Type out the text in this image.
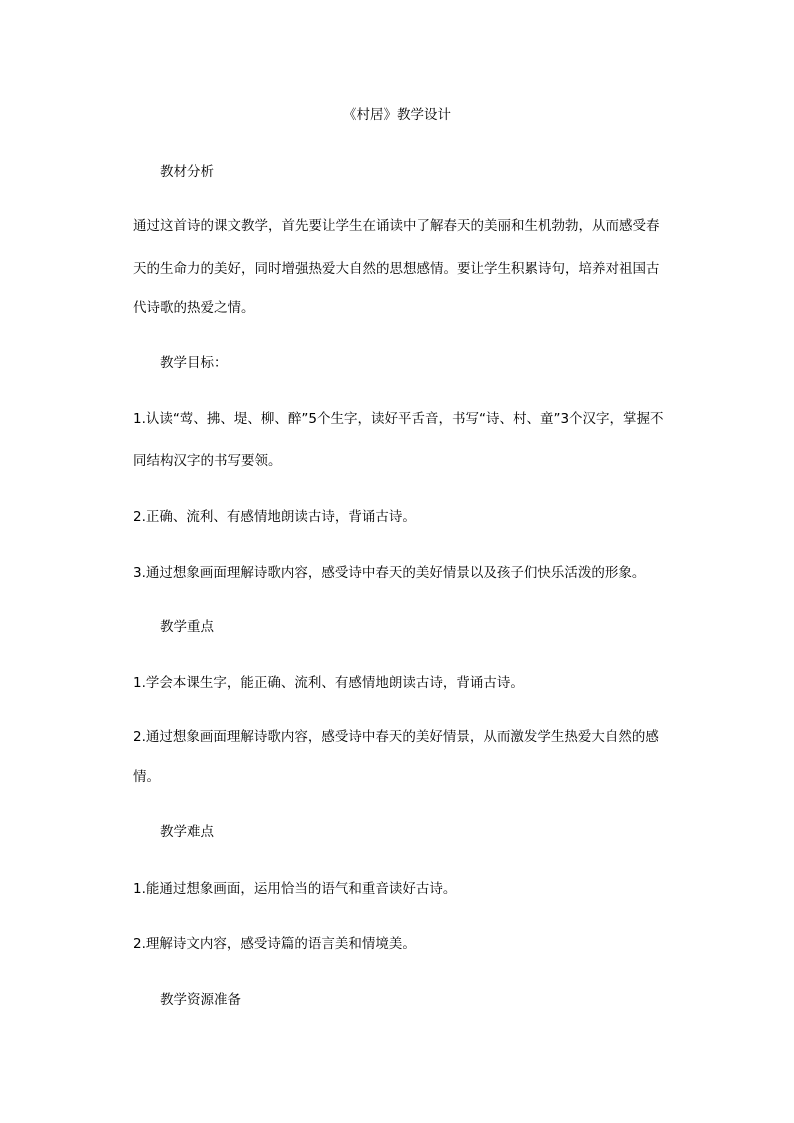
《村居》教学设计
教材分析
通过这首诗的课文教学，首先要让学生在诵读中了解春天的美丽和生机勃勃，从而感受春
天的生命力的美好，同时增强热爱大自然的思想感情。要让学生积累诗句，培养对祖国古
代诗歌的热爱之情。
教学目标：
1.认读“莺、拂、堤、柳、醉”5个生字，读好平舌音，书写“诗、村、童”3个汉字，掌握不
同结构汉字的书写要领。
2.正确、流利、有感情地朗读古诗，背诵古诗。
3.通过想象画面理解诗歌内容，感受诗中春天的美好情景以及孩子们快乐活泼的形象。
教学重点
1.学会本课生字，能正确、流利、有感情地朗读古诗，背诵古诗。
2.通过想象画面理解诗歌内容，感受诗中春天的美好情景，从而激发学生热爱大自然的感
情。
教学难点
1.能通过想象画面，运用恰当的语气和重音读好古诗。
2.理解诗文内容，感受诗篇的语言美和情境美。
教学资源准备
